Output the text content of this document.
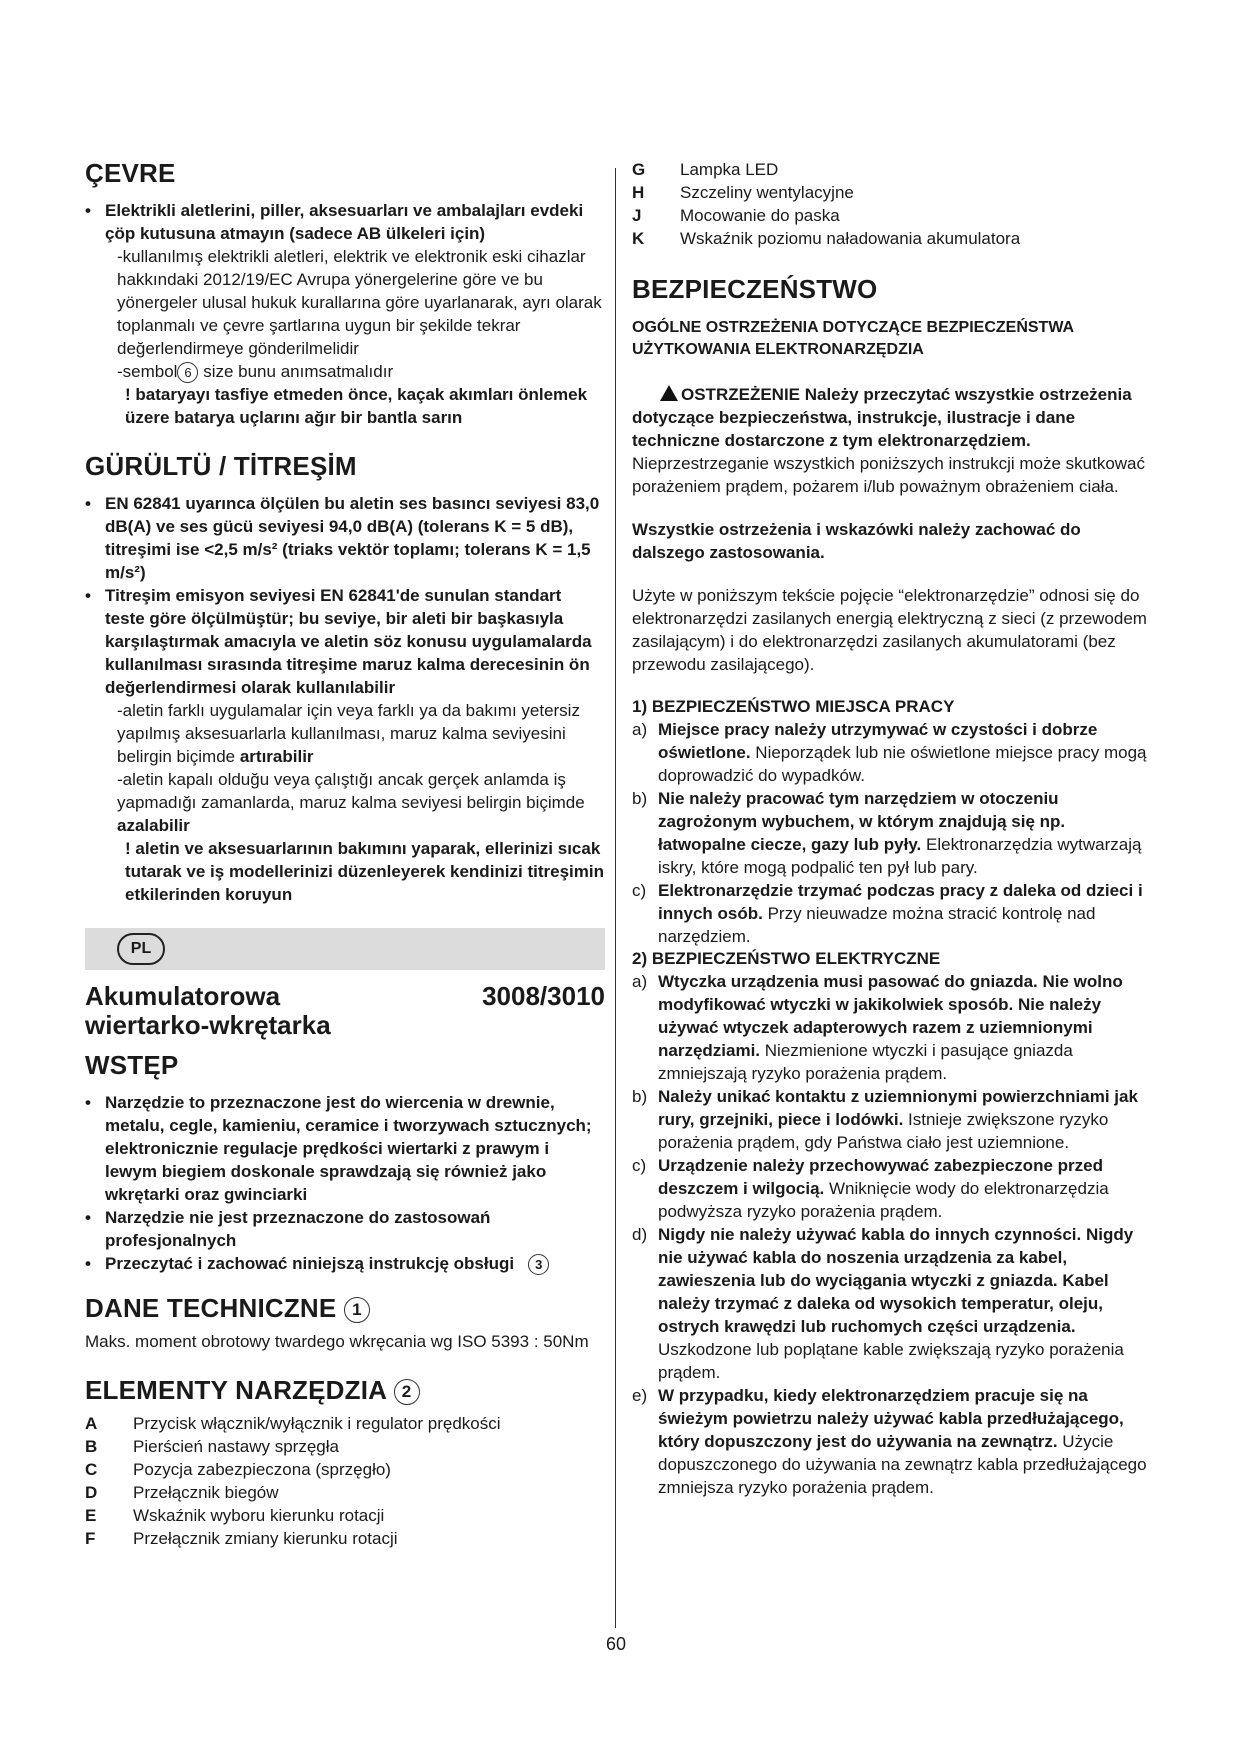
ÇEVRE
• Elektrikli aletlerini, piller, aksesuarları ve ambalajları evdeki çöp kutusuna atmayın (sadece AB ülkeleri için)

-kullanılmış elektrikli aletleri, elektrik ve elektronik eski cihazlar hakkındaki 2012/19/EC Avrupa yönergelerine göre ve bu yönergeler ulusal hukuk kurallarına göre uyarlanarak, ayrı olarak toplanmalı ve çevre şartlarına uygun bir şekilde tekrar değerlendirmeye gönderilmelidir

-sembol 6 size bunu anımsatmalıdır

! bataryayı tasfiye etmeden önce, kaçak akımları önlemek üzere batarya uçlarını ağır bir bantla sarın

GÜRÜLTÜ / TİTREŞİM
• EN 62841 uyarınca ölçülen bu aletin ses basıncı seviyesi 83,0 dB(A) ve ses gücü seviyesi 94,0 dB(A) (tolerans K = 5 dB), titreşimi ise <2,5 m/s² (triaks vektör toplamı; tolerans K = 1,5 m/s²)
• Titreşim emisyon seviyesi EN 62841'de sunulan standart teste göre ölçülmüştür; bu seviye, bir aleti bir başkasıyla karşılaştırmak amacıyla ve aletin söz konusu uygulamalarda kullanılması sırasında titreşime maruz kalma derecesinin ön değerlendirmesi olarak kullanılabilir

-aletin farklı uygulamalar için veya farklı ya da bakımı yetersiz yapılmış aksesuarlarla kullanılması, maruz kalma seviyesini belirgin biçimde artırabilir

-aletin kapalı olduğu veya çalıştığı ancak gerçek anlamda iş yapmadığı zamanlarda, maruz kalma seviyesi belirgin biçimde azalabilir

! aletin ve aksesuarlarının bakımını yaparak, ellerinizi sıcak tutarak ve iş modellerinizi düzenleyerek kendinizi titreşimin etkilerinden koruyun

PL
Akumulatorowa wiertarko-wkrętarka
3008/3010
WSTĘP
• Narzędzie to przeznaczone jest do wiercenia w drewnie, metalu, cegle, kamieniu, ceramice i tworzywach sztucznych; elektronicznie regulacje prędkości wiertarki z prawym i lewym biegiem doskonale sprawdzają się również jako wkrętarki oraz gwinciarki
• Narzędzie nie jest przeznaczone do zastosowań profesjonalnych
• Przeczytać i zachować niniejszą instrukcję obsługi 3
DANE TECHNICZNE 1

Maks. moment obrotowy twardego wkręcania wg ISO 5393 : 50Nm

ELEMENTY NARZĘDZIA 2
A	Przycisk włącznik/wyłącznik i regulator prędkości
B	Pierścień nastawy sprzęgła
C	Pozycja zabezpieczona (sprzęgło)
D	Przełącznik biegów
E	Wskaźnik wyboru kierunku rotacji
F	Przełącznik zmiany kierunku rotacji
G	Lampka LED
H	Szczeliny wentylacyjne
J	Mocowanie do paska
K	Wskaźnik poziomu naładowania akumulatora
BEZPIECZEŃSTWO

OGÓLNE OSTRZEŻENIA DOTYCZĄCE BEZPIECZEŃSTWA UŻYTKOWANIA ELEKTRONARZĘDZIA

OSTRZEŻENIE Należy przeczytać wszystkie ostrzeżenia dotyczące bezpieczeństwa, instrukcje, ilustracje i dane techniczne dostarczone z tym elektronarzędziem. Nieprzestrzeganie wszystkich poniższych instrukcji może skutkować porażeniem prądem, pożarem i/lub poważnym obrażeniem ciała.

Wszystkie ostrzeżenia i wskazówki należy zachować do dalszego zastosowania.

Użyte w poniższym tekście pojęcie “elektronarzędzie” odnosi się do elektronarzędzi zasilanych energią elektryczną z sieci (z przewodem zasilającym) i do elektronarzędzi zasilanych akumulatorami (bez przewodu zasilającego).

1) BEZPIECZEŃSTWO MIEJSCA PRACY

a) Miejsce pracy należy utrzymywać w czystości i dobrze oświetlone. Nieporządek lub nie oświetlone miejsce pracy mogą doprowadzić do wypadków.
b) Nie należy pracować tym narzędziem w otoczeniu zagrożonym wybuchem, w którym znajdują się np. łatwopalne ciecze, gazy lub pyły. Elektronarzędzia wytwarzają iskry, które mogą podpalić ten pył lub pary.
c) Elektronarzędzie trzymać podczas pracy z daleka od dzieci i innych osób. Przy nieuwadze można stracić kontrolę nad narzędziem.

2) BEZPIECZEŃSTWO ELEKTRYCZNE

a) Wtyczka urządzenia musi pasować do gniazda. Nie wolno modyfikować wtyczki w jakikolwiek sposób. Nie należy używać wtyczek adapterowych razem z uziemnionymi narzędziami. Niezmienione wtyczki i pasujące gniazda zmniejszają ryzyko porażenia prądem.
b) Należy unikać kontaktu z uziemnionymi powierzchniami jak rury, grzejniki, piece i lodówki. Istnieje zwiększone ryzyko porażenia prądem, gdy Państwa ciało jest uziemnione.
c) Urządzenie należy przechowywać zabezpieczone przed deszczem i wilgocią. Wniknięcie wody do elektronarzędzia podwyższa ryzyko porażenia prądem.
d) Nigdy nie należy używać kabla do innych czynności. Nigdy nie używać kabla do noszenia urządzenia za kabel, zawieszenia lub do wyciągania wtyczki z gniazda. Kabel należy trzymać z daleka od wysokich temperatur, oleju, ostrych krawędzi lub ruchomych części urządzenia. Uszkodzone lub poplątane kable zwiększają ryzyko porażenia prądem.
e) W przypadku, kiedy elektronarzędziem pracuje się na świeżym powietrzu należy używać kabla przedłużającego, który dopuszczony jest do używania na zewnątrz. Użycie dopuszczonego do używania na zewnątrz kabla przedłużającego zmniejsza ryzyko porażenia prądem.
60
